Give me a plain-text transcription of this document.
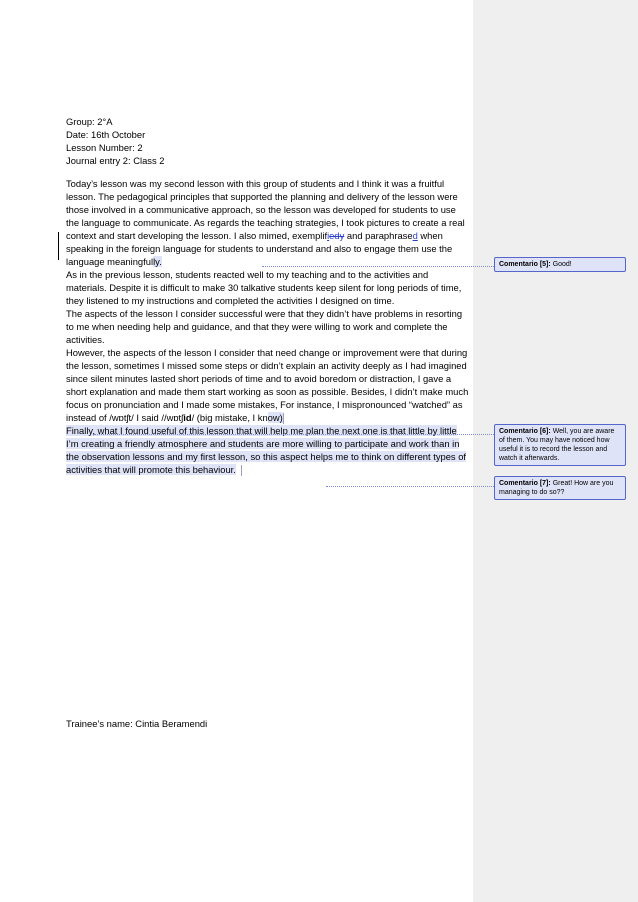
Group: 2°A

Date: 16th October

Lesson Number: 2

Journal entry 2: Class 2

Today’s lesson was my second lesson with this group of students and I think it was a fruitful lesson. The pedagogical principles that supported the planning and delivery of the lesson were those involved in a communicative approach, so the lesson was developed for students to use the language to communicate. As regards the teaching strategies, I took pictures to create a real context and start developing the lesson. I also mimed, exemplifiedy and paraphrased when speaking in the foreign language for students to understand and also to engage them use the language meaningfully.

As in the previous lesson, students reacted well to my teaching and to the activities and materials. Despite it is difficult to make 30 talkative students keep silent for long periods of time, they listened to my instructions and completed the activities I designed on time.

The aspects of the lesson I consider successful were that they didn’t have problems in resorting to me when needing help and guidance, and that they were willing to work and complete the activities.

However, the aspects of the lesson I consider that need change or improvement were that during the lesson, sometimes I missed some steps or didn’t explain an activity deeply as I had imagined since silent minutes lasted short periods of time and to avoid boredom or distraction, I gave a short explanation and made them start working as soon as possible. Besides, I didn’t make much focus on pronunciation and I made some mistakes, For instance, I mispronounced “watched” as instead of /wɒtʃt/ I said //wɒtʃid/ (big mistake, I know)

Finally, what I found useful of this lesson that will help me plan the next one is that little by little I’m creating a friendly atmosphere and students are more willing to participate and work than in the observation lessons and my first lesson, so this aspect helps me to think on different types of activities that will promote this behaviour.

Comentario [5]: Good!
Comentario [6]: Well, you are aware of them. You may have noticed how useful it is to record the lesson and watch it afterwards.
Comentario [7]: Great! How are you managing to do so??
Trainee’s name: Cintia Beramendi
